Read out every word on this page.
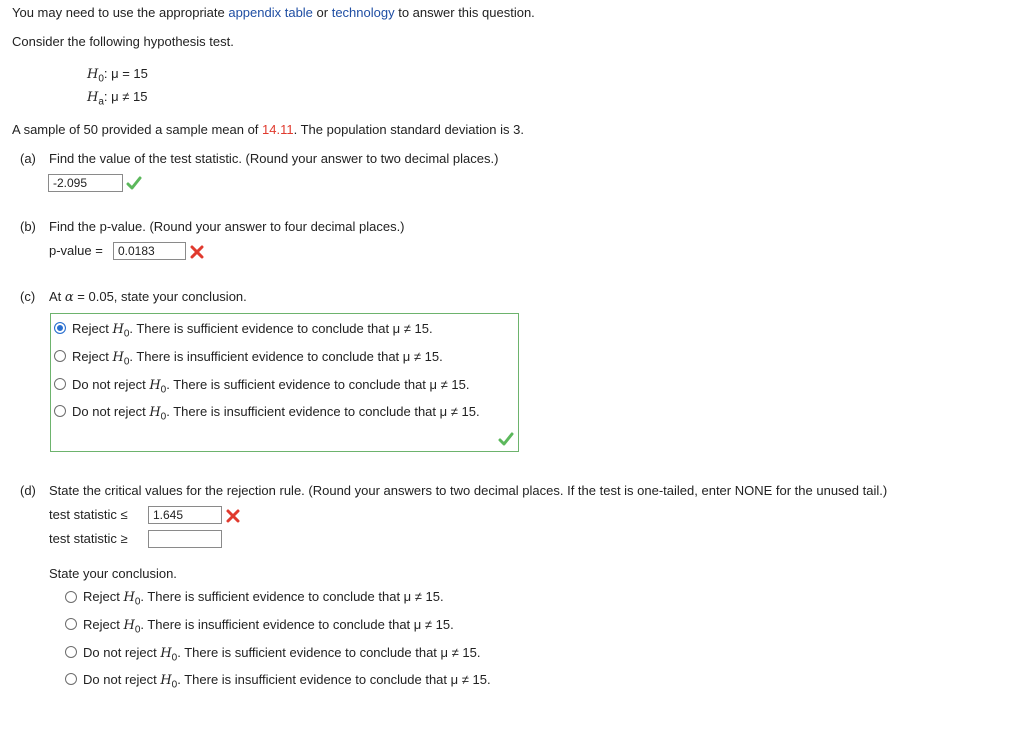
You may need to use the appropriate appendix table or technology to answer this question.
Consider the following hypothesis test.
$H_0$: μ = 15
$H_a$: μ ≠ 15
A sample of 50 provided a sample mean of 14.11. The population standard deviation is 3.
(a) Find the value of the test statistic. (Round your answer to two decimal places.)
-2.095
(b) Find the p-value. (Round your answer to four decimal places.)
p-value =
0.0183
(c) At α = 0.05, state your conclusion.
Reject $H_0$. There is sufficient evidence to conclude that μ ≠ 15.
Reject $H_0$. There is insufficient evidence to conclude that μ ≠ 15.
Do not reject $H_0$. There is sufficient evidence to conclude that μ ≠ 15.
Do not reject $H_0$. There is insufficient evidence to conclude that μ ≠ 15.
(d) State the critical values for the rejection rule. (Round your answers to two decimal places. If the test is one-tailed, enter NONE for the unused tail.)
test statistic ≤
1.645
test statistic ≥
State your conclusion.
Reject $H_0$. There is sufficient evidence to conclude that μ ≠ 15.
Reject $H_0$. There is insufficient evidence to conclude that μ ≠ 15.
Do not reject $H_0$. There is sufficient evidence to conclude that μ ≠ 15.
Do not reject $H_0$. There is insufficient evidence to conclude that μ ≠ 15.
